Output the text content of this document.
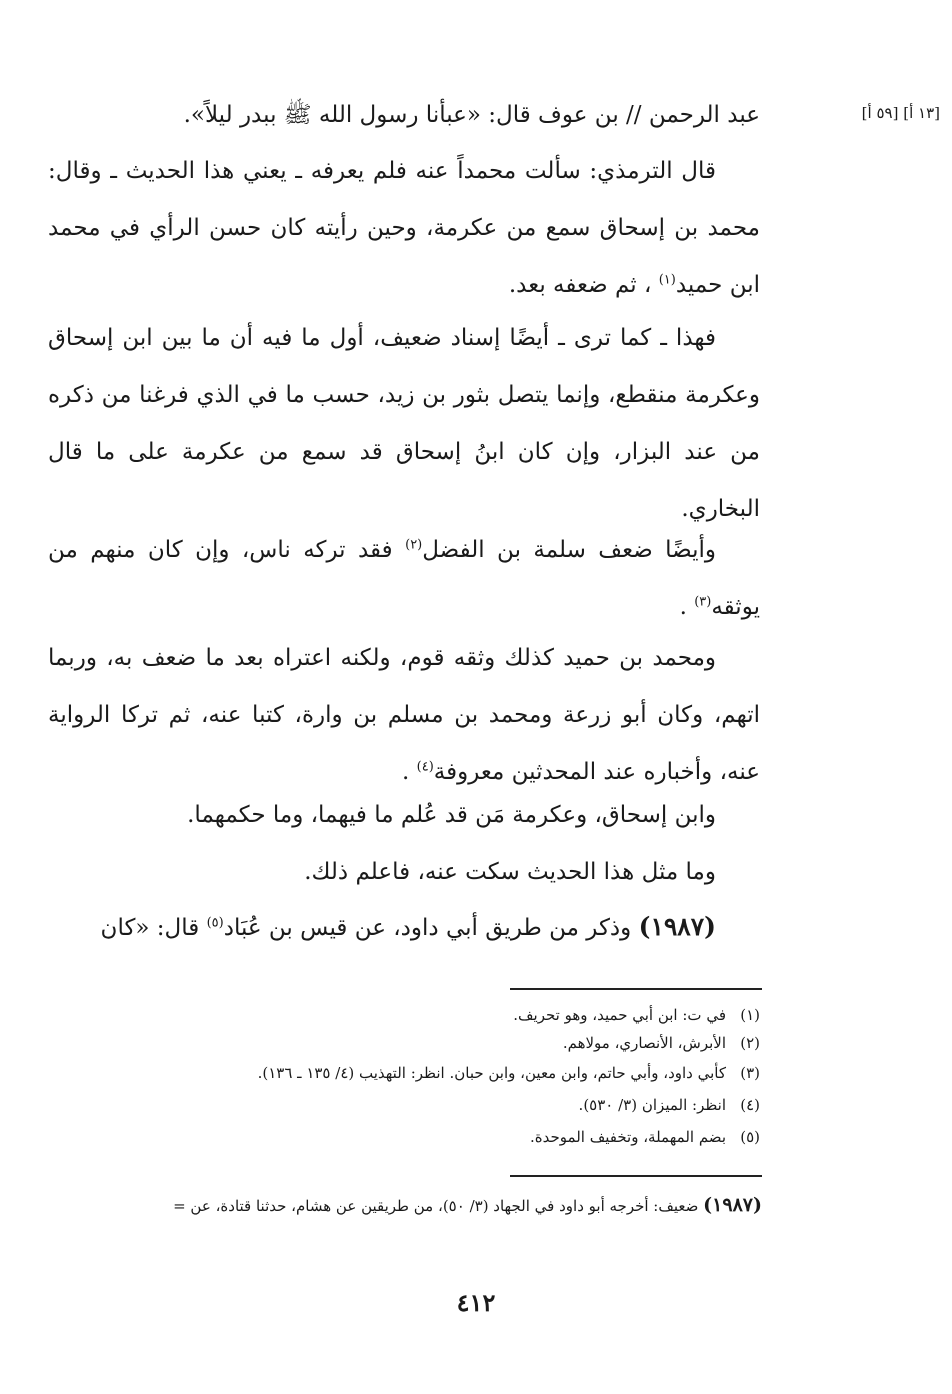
[١٣ أ] [٥٩ أ]
عبد الرحمن // بن عوف قال: «عبأنا رسول الله ﷺ ببدر ليلاً».
قال الترمذي: سألت محمداً عنه فلم يعرفه ـ يعني هذا الحديث ـ وقال: محمد بن إسحاق سمع من عكرمة، وحين رأيته كان حسن الرأي في محمد ابن حميد$^{(١)}$ ، ثم ضعفه بعد.
فهذا ـ كما ترى ـ أيضًا إسناد ضعيف، أول ما فيه أن ما بين ابن إسحاق وعكرمة منقطع، وإنما يتصل بثور بن زيد، حسب ما في الذي فرغنا من ذكره من عند البزار، وإن كان ابنُ إسحاق قد سمع من عكرمة على ما قال البخاري.
وأيضًا ضعف سلمة بن الفضل$^{(٢)}$ فقد تركه ناس، وإن كان منهم من يوثقه$^{(٣)}$ .
ومحمد بن حميد كذلك وثقه قوم، ولكنه اعتراه بعد ما ضعف به، وربما اتهم، وكان أبو زرعة ومحمد بن مسلم بن وارة، كتبا عنه، ثم تركا الرواية عنه، وأخباره عند المحدثين معروفة$^{(٤)}$ .
وابن إسحاق، وعكرمة مَن قد عُلم ما فيهما، وما حكمهما.
وما مثل هذا الحديث سكت عنه، فاعلم ذلك.
(١٩٨٧) وذكر من طريق أبي داود، عن قيس بن عُبَاد$^{(٥)}$ قال: «كان
(١)في ت: ابن أبي حميد، وهو تحريف.
(٢)الأبرش، الأنصاري، مولاهم.
(٣)كأبي داود، وأبي حاتم، وابن معين، وابن حبان. انظر: التهذيب (٤/ ١٣٥ ـ ١٣٦).
(٤)انظر: الميزان (٣/ ٥٣٠).
(٥)بضم المهملة، وتخفيف الموحدة.
(١٩٨٧) ضعيف: أخرجه أبو داود في الجهاد (٣/ ٥٠)، من طريقين عن هشام، حدثنا قتادة، عن =
٤١٢
